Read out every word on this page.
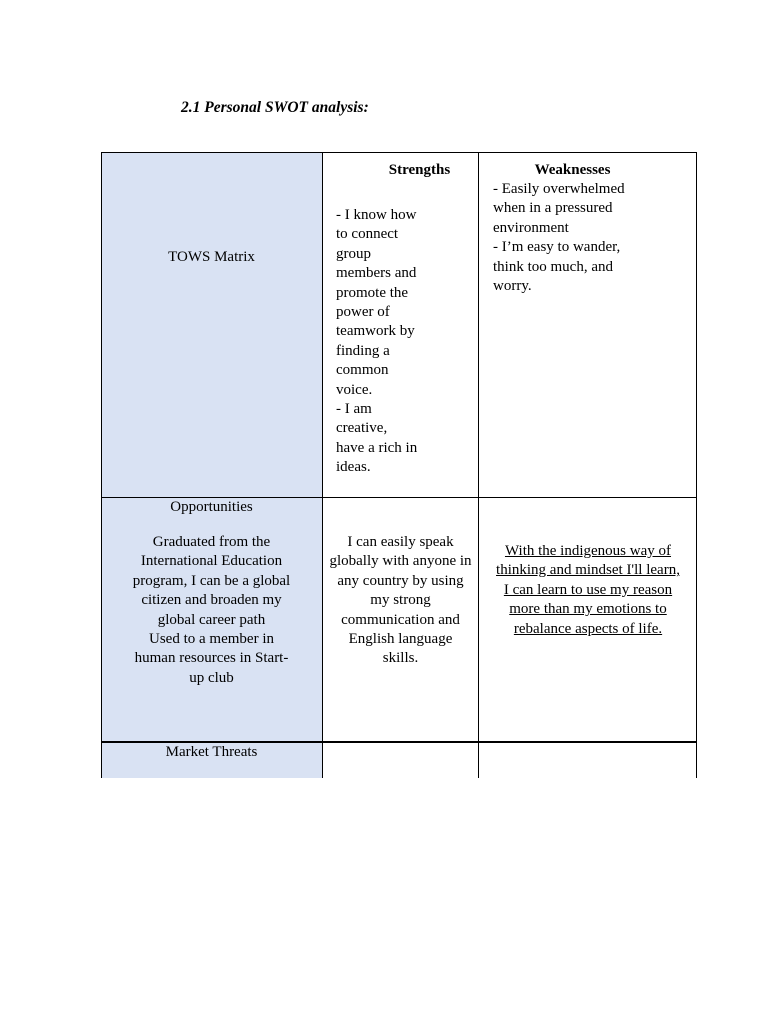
2.1 Personal SWOT analysis:
TOWS Matrix
Strengths
- I know how
to connect
group
members and
promote the
power of
teamwork by
finding a
common
voice.
- I am
creative,
have a rich in
ideas.
Weaknesses
- Easily overwhelmed
when in a pressured
environment
- I’m easy to wander,
think too much, and
worry.
Opportunities
Graduated from the
International Education
program, I can be a global
citizen and broaden my
global career path
Used to a member in
human resources in Start-
up club
I can easily speak
globally with anyone in
any country by using
my strong
communication and
English language
skills.
With the indigenous way of
thinking and mindset I'll learn,
I can learn to use my reason
more than my emotions to
rebalance aspects of life.
Market Threats
